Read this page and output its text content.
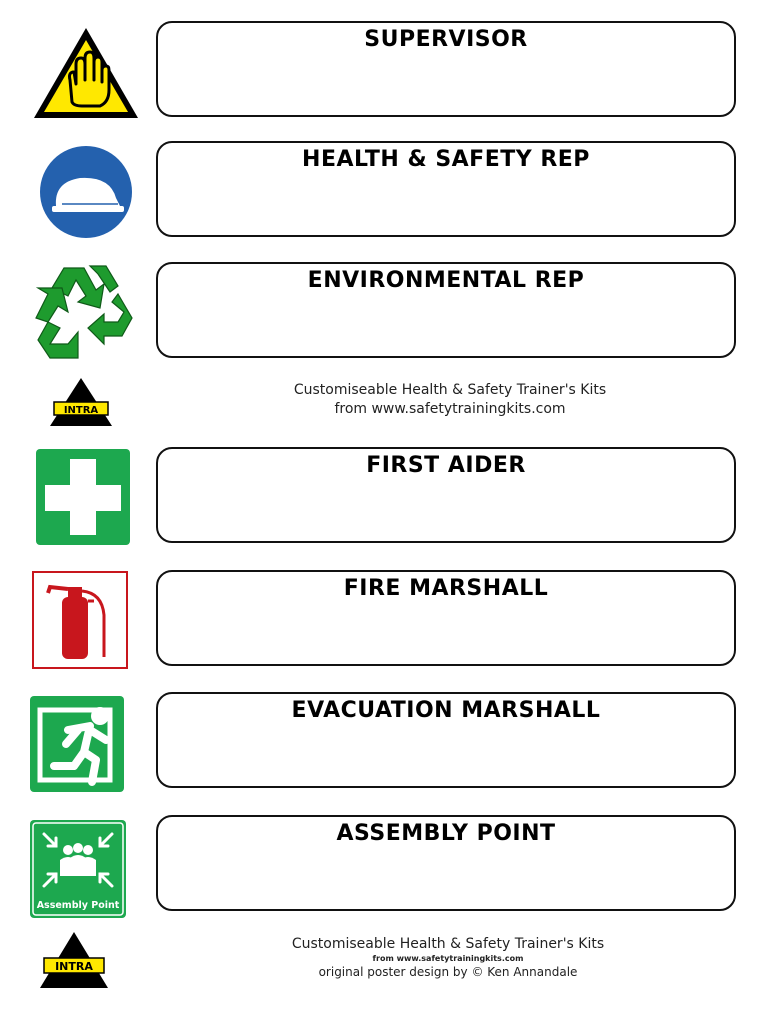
SUPERVISOR
HEALTH & SAFETY REP
ENVIRONMENTAL REP
INTRA
Customiseable Health & Safety Trainer's Kits
from www.safetytrainingkits.com
FIRST AIDER
FIRE MARSHALL
EVACUATION MARSHALL
Assembly Point
ASSEMBLY POINT
INTRA
Customiseable Health & Safety Trainer's Kits
from www.safetytrainingkits.com
original poster design by © Ken Annandale
